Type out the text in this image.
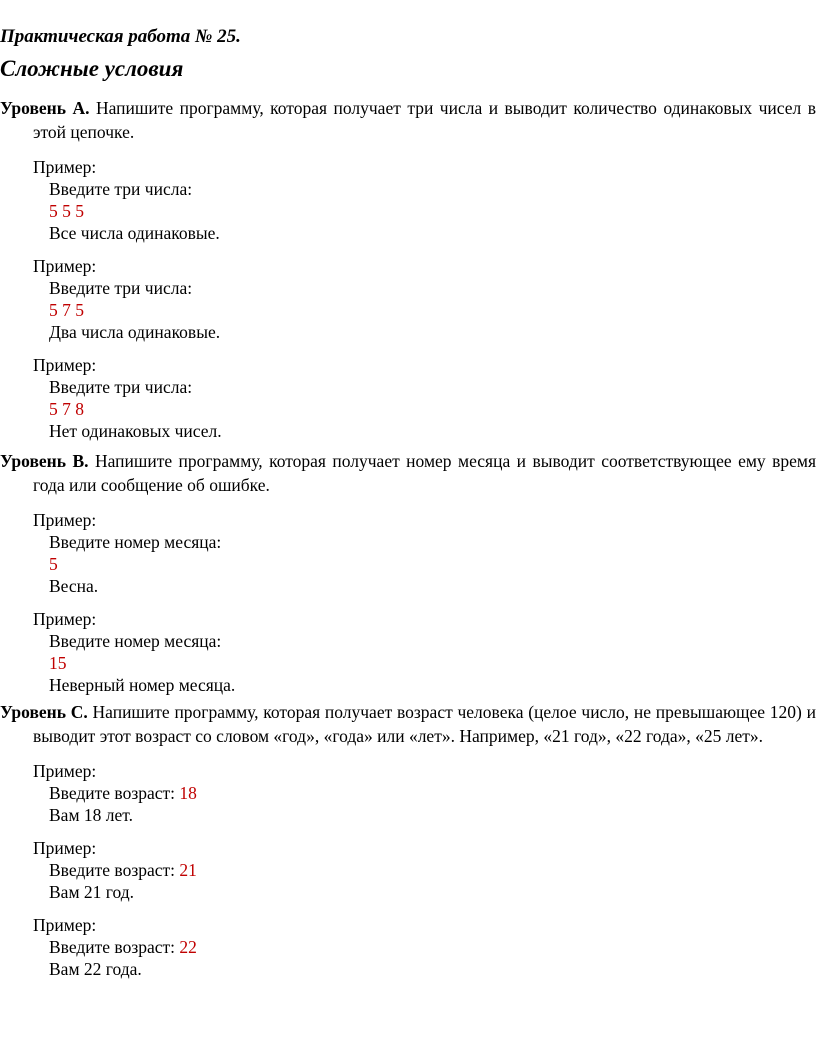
Практическая работа № 25.
Сложные условия

Уровень A. Напишите программу, которая получает три числа и выводит количество одинаковых чисел в этой цепочке.

Пример:

Введите три числа:

5 5 5

Все числа одинаковые.

Пример:

Введите три числа:

5 7 5

Два числа одинаковые.

Пример:

Введите три числа:

5 7 8

Нет одинаковых чисел.

Уровень B. Напишите программу, которая получает номер месяца и выводит соответствующее ему время года или сообщение об ошибке.

Пример:

Введите номер месяца:

5

Весна.

Пример:

Введите номер месяца:

15

Неверный номер месяца.

Уровень C. Напишите программу, которая получает возраст человека (целое число, не превышающее 120) и выводит этот возраст со словом «год», «года» или «лет». Например, «21 год», «22 года», «25 лет».

Пример:

Введите возраст: 18

Вам 18 лет.

Пример:

Введите возраст: 21

Вам 21 год.

Пример:

Введите возраст: 22

Вам 22 года.
